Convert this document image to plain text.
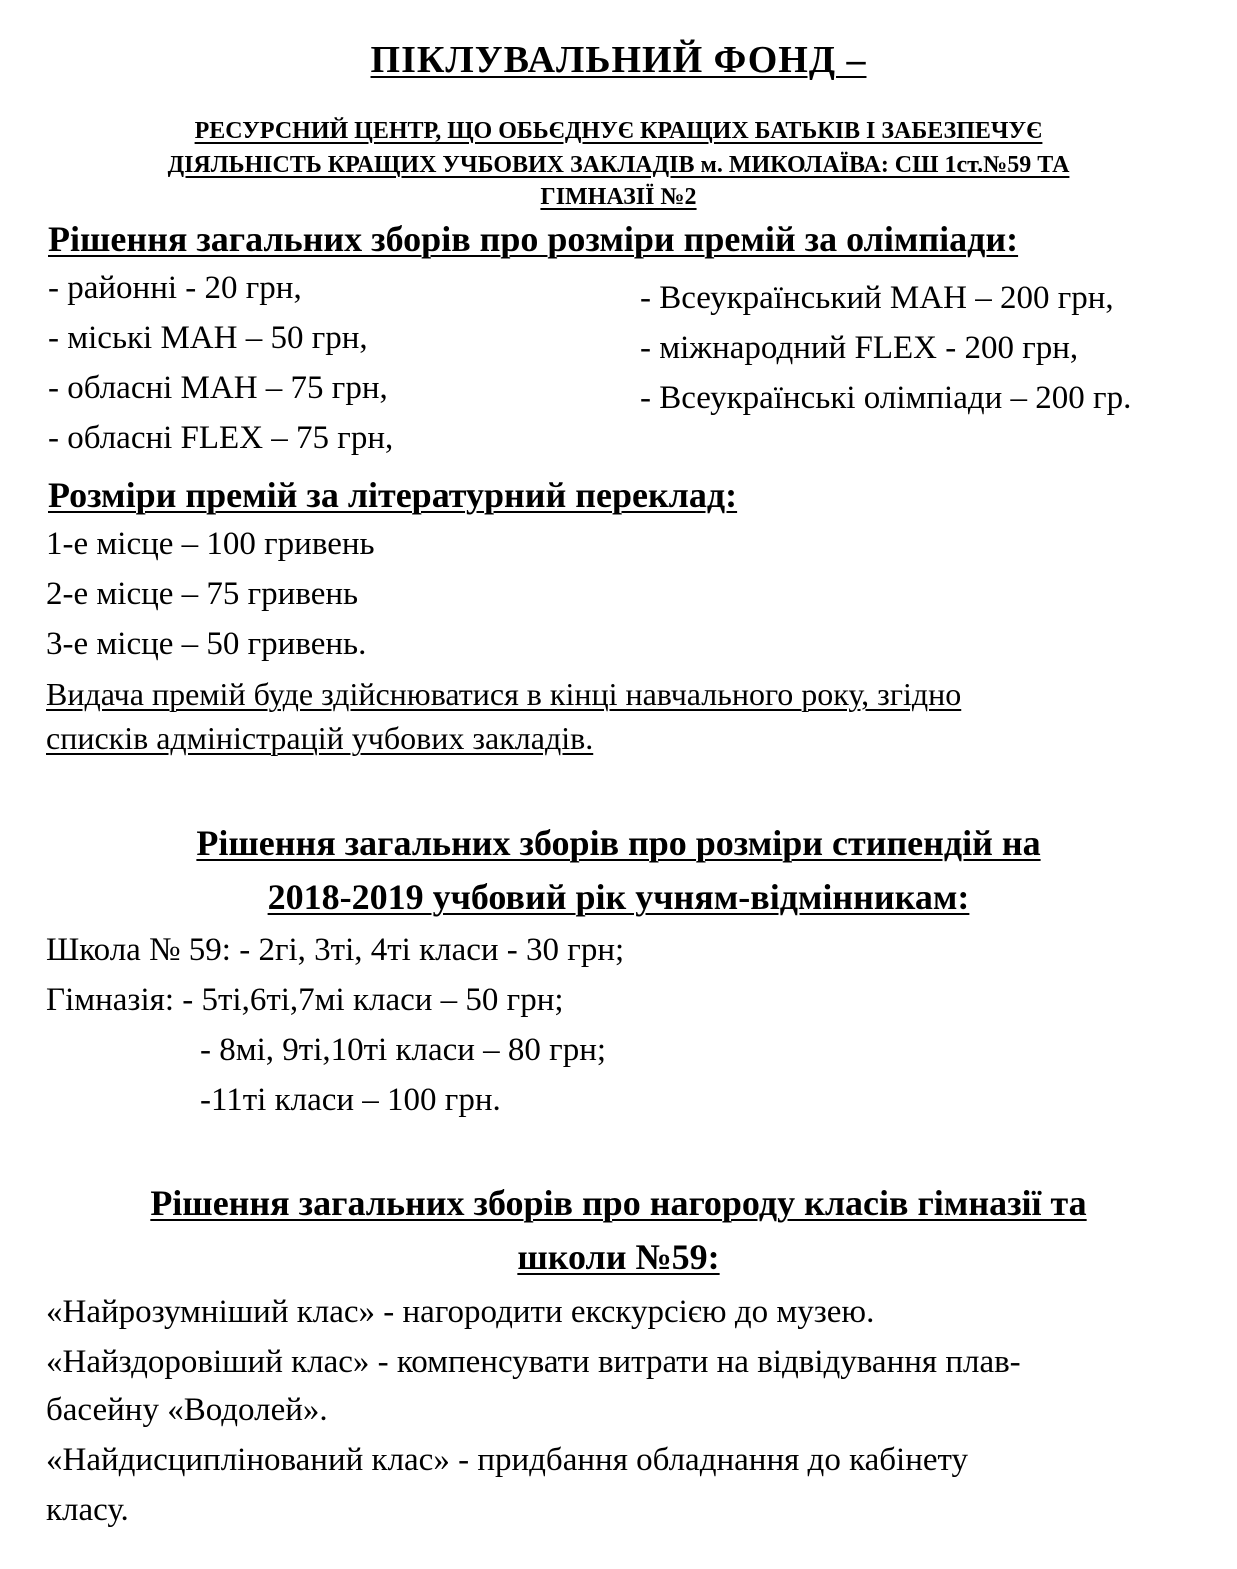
ПІКЛУВАЛЬНИЙ ФОНД –
РЕСУРСНИЙ ЦЕНТР, ЩО ОБЬЄДНУЄ КРАЩИХ БАТЬКІВ І ЗАБЕЗПЕЧУЄ
ДІЯЛЬНІСТЬ КРАЩИХ УЧБОВИХ ЗАКЛАДІВ м. МИКОЛАЇВА: СШ 1ст.№59 ТА
ГІМНАЗІЇ №2
Рішення загальних зборів про розміри премій за олімпіади:
- районні - 20 грн,
- міські МАН – 50 грн,
- обласні МАН – 75 грн,
- обласні FLEX – 75 грн,
- Всеукраїнський МАН – 200 грн,
- міжнародний FLEX - 200 грн,
- Всеукраїнські олімпіади – 200 гр.
Розміри премій за літературний переклад:
1-е місце – 100 гривень
2-е місце – 75 гривень
3-е місце – 50 гривень.
Видача премій буде здійснюватися в кінці навчального року, згідно
списків адміністрацій учбових закладів.
Рішення загальних зборів про розміри стипендій на
2018-2019 учбовий рік учням-відмінникам:
Школа № 59: - 2гі, 3ті, 4ті класи - 30 грн;
Гімназія: - 5ті,6ті,7мі класи – 50 грн;
- 8мі, 9ті,10ті класи – 80 грн;
-11ті класи – 100 грн.
Рішення загальних зборів про нагороду класів гімназії та
школи №59:
«Найрозумніший клас» - нагородити екскурсією до музею.
«Найздоровіший клас» - компенсувати витрати на відвідування плав-
басейну «Водолей».
«Найдисциплінований клас» - придбання обладнання до кабінету
класу.
